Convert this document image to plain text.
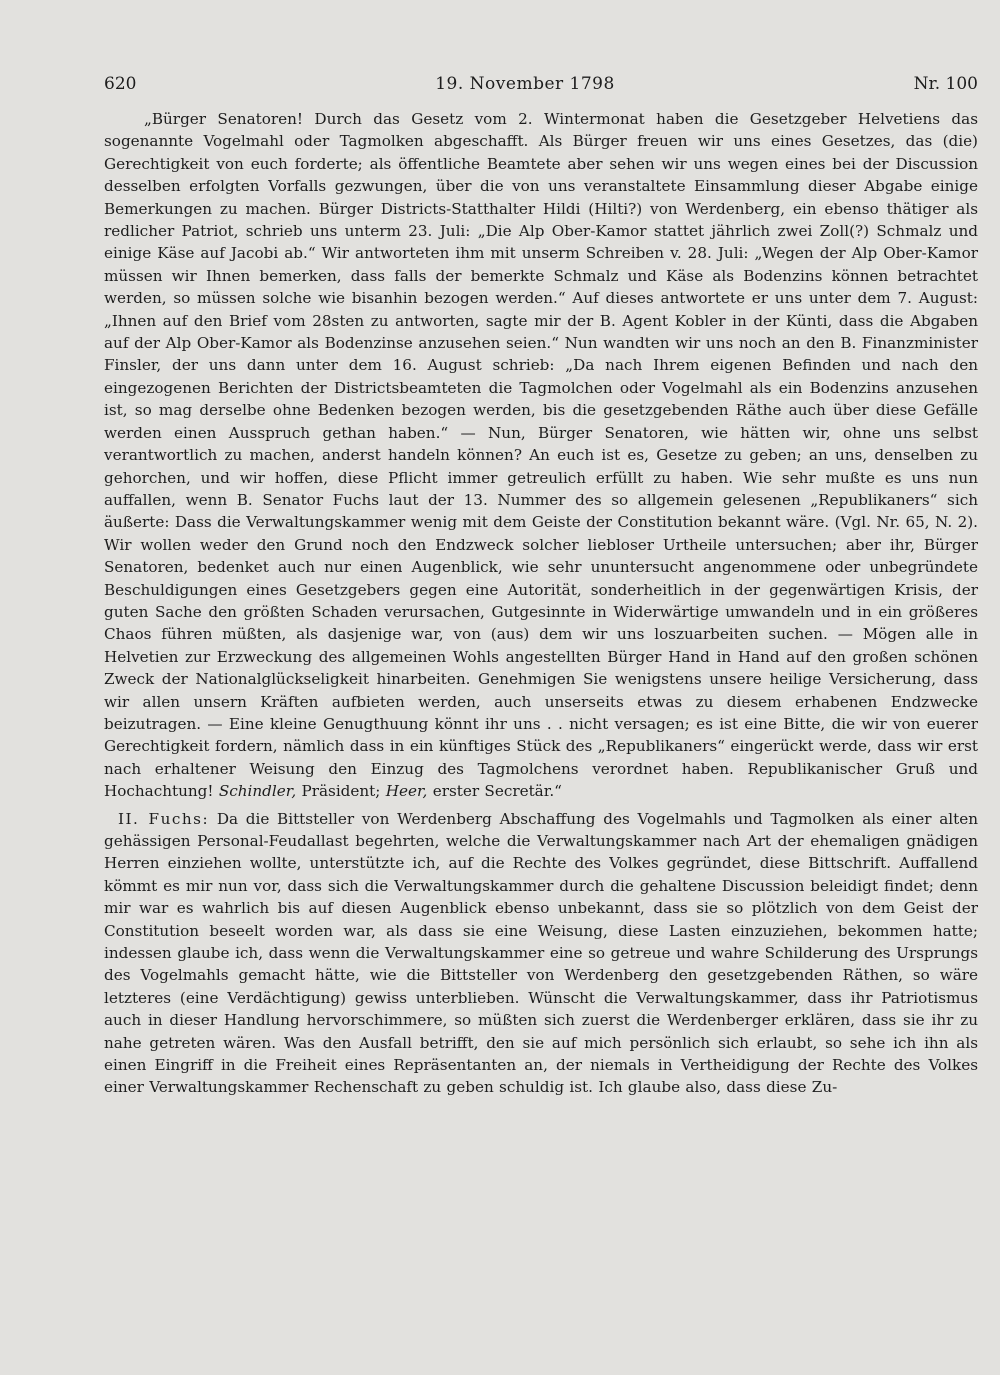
620	19. November 1798	Nr. 100

„Bürger Senatoren! Durch das Gesetz vom 2. Wintermonat haben die Gesetzgeber Helvetiens das sogenannte Vogelmahl oder Tagmolken abgeschafft. Als Bürger freuen wir uns eines Gesetzes, das (die) Gerechtigkeit von euch forderte; als öffentliche Beamtete aber sehen wir uns wegen eines bei der Discussion desselben erfolgten Vorfalls gezwungen, über die von uns veranstaltete Einsammlung dieser Abgabe einige Bemerkungen zu machen. Bürger Districts-Statthalter Hildi (Hilti?) von Werdenberg, ein ebenso thätiger als redlicher Patriot, schrieb uns unterm 23. Juli: „Die Alp Ober-Kamor stattet jährlich zwei Zoll(?) Schmalz und einige Käse auf Jacobi ab.“ Wir antworteten ihm mit unserm Schreiben v. 28. Juli: „Wegen der Alp Ober-Kamor müssen wir Ihnen bemerken, dass falls der bemerkte Schmalz und Käse als Bodenzins können betrachtet werden, so müssen solche wie bisanhin bezogen werden.“ Auf dieses antwortete er uns unter dem 7. August: „Ihnen auf den Brief vom 28sten zu antworten, sagte mir der B. Agent Kobler in der Künti, dass die Abgaben auf der Alp Ober-Kamor als Bodenzinse anzusehen seien.“ Nun wandten wir uns noch an den B. Finanzminister Finsler, der uns dann unter dem 16. August schrieb: „Da nach Ihrem eigenen Befinden und nach den eingezogenen Berichten der Districtsbeamteten die Tagmolchen oder Vogelmahl als ein Bodenzins anzusehen ist, so mag derselbe ohne Bedenken bezogen werden, bis die gesetzgebenden Räthe auch über diese Gefälle werden einen Ausspruch gethan haben.“ — Nun, Bürger Senatoren, wie hätten wir, ohne uns selbst verantwortlich zu machen, anderst handeln können? An euch ist es, Gesetze zu geben; an uns, denselben zu gehorchen, und wir hoffen, diese Pflicht immer getreulich erfüllt zu haben. Wie sehr mußte es uns nun auffallen, wenn B. Senator Fuchs laut der 13. Nummer des so allgemein gelesenen „Republikaners“ sich äußerte: Dass die Verwaltungskammer wenig mit dem Geiste der Constitution bekannt wäre. (Vgl. Nr. 65, N. 2). Wir wollen weder den Grund noch den Endzweck solcher liebloser Urtheile untersuchen; aber ihr, Bürger Senatoren, bedenket auch nur einen Augenblick, wie sehr ununtersucht angenommene oder unbegründete Beschuldigungen eines Gesetzgebers gegen eine Autorität, sonderheitlich in der gegenwärtigen Krisis, der guten Sache den größten Schaden verursachen, Gutgesinnte in Widerwärtige umwandeln und in ein größeres Chaos führen müßten, als dasjenige war, von (aus) dem wir uns loszuarbeiten suchen. — Mögen alle in Helvetien zur Erzweckung des allgemeinen Wohls angestellten Bürger Hand in Hand auf den großen schönen Zweck der Nationalglückseligkeit hinarbeiten. Genehmigen Sie wenigstens unsere heilige Versicherung, dass wir allen unsern Kräften aufbieten werden, auch unserseits etwas zu diesem erhabenen Endzwecke beizutragen. — Eine kleine Genugthuung könnt ihr uns . . nicht versagen; es ist eine Bitte, die wir von euerer Gerechtigkeit fordern, nämlich dass in ein künftiges Stück des „Republikaners“ eingerückt werde, dass wir erst nach erhaltener Weisung den Einzug des Tagmolchens verordnet haben. Republikanischer Gruß und Hochachtung! Schindler, Präsident; Heer, erster Secretär.“

II. Fuchs: Da die Bittsteller von Werdenberg Abschaffung des Vogelmahls und Tagmolken als einer alten gehässigen Personal-Feudallast begehrten, welche die Verwaltungskammer nach Art der ehemaligen gnädigen Herren einziehen wollte, unterstützte ich, auf die Rechte des Volkes gegründet, diese Bittschrift. Auffallend kömmt es mir nun vor, dass sich die Verwaltungskammer durch die gehaltene Discussion beleidigt findet; denn mir war es wahrlich bis auf diesen Augenblick ebenso unbekannt, dass sie so plötzlich von dem Geist der Constitution beseelt worden war, als dass sie eine Weisung, diese Lasten einzuziehen, bekommen hatte; indessen glaube ich, dass wenn die Verwaltungskammer eine so getreue und wahre Schilderung des Ursprungs des Vogelmahls gemacht hätte, wie die Bittsteller von Werdenberg den gesetzgebenden Räthen, so wäre letzteres (eine Verdächtigung) gewiss unterblieben. Wünscht die Verwaltungskammer, dass ihr Patriotismus auch in dieser Handlung hervorschimmere, so müßten sich zuerst die Werdenberger erklären, dass sie ihr zu nahe getreten wären. Was den Ausfall betrifft, den sie auf mich persönlich sich erlaubt, so sehe ich ihn als einen Eingriff in die Freiheit eines Repräsentanten an, der niemals in Vertheidigung der Rechte des Volkes einer Verwaltungskammer Rechenschaft zu geben schuldig ist. Ich glaube also, dass diese Zu-
